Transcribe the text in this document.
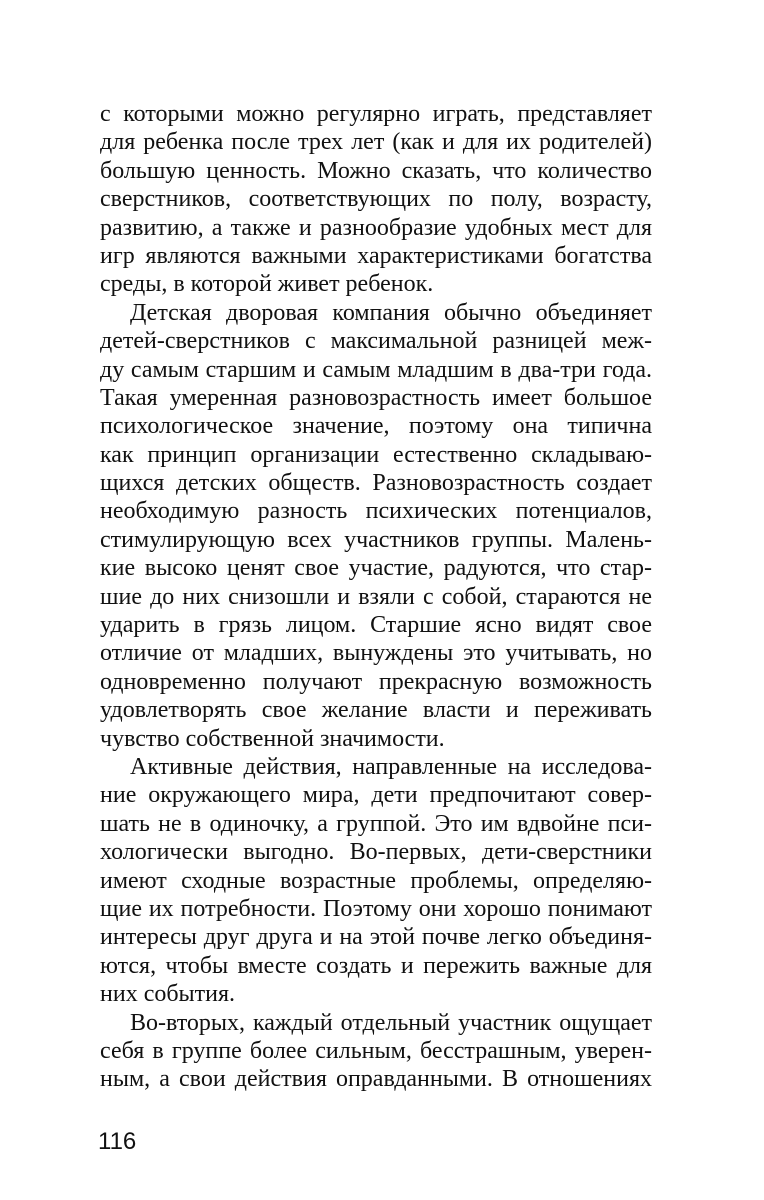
с которыми можно регулярно играть, представляет
для ребенка после трех лет (как и для их родителей)
большую ценность. Можно сказать, что количество
сверстников, соответствующих по полу, возрасту,
развитию, а также и разнообразие удобных мест для
игр являются важными характеристиками богатства
среды, в которой живет ребенок.
Детская дворовая компания обычно объединяет
детей-сверстников с максимальной разницей меж-
ду самым старшим и самым младшим в два-три года.
Такая умеренная разновозрастность имеет большое
психологическое значение, поэтому она типична
как принцип организации естественно складываю-
щихся детских обществ. Разновозрастность создает
необходимую разность психических потенциалов,
стимулирующую всех участников группы. Малень-
кие высоко ценят свое участие, радуются, что стар-
шие до них снизошли и взяли с собой, стараются не
ударить в грязь лицом. Старшие ясно видят свое
отличие от младших, вынуждены это учитывать, но
одновременно получают прекрасную возможность
удовлетворять свое желание власти и переживать
чувство собственной значимости.
Активные действия, направленные на исследова-
ние окружающего мира, дети предпочитают совер-
шать не в одиночку, а группой. Это им вдвойне пси-
хологически выгодно. Во-первых, дети-сверстники
имеют сходные возрастные проблемы, определяю-
щие их потребности. Поэтому они хорошо понимают
интересы друг друга и на этой почве легко объединя-
ются, чтобы вместе создать и пережить важные для
них события.
Во-вторых, каждый отдельный участник ощущает
себя в группе более сильным, бесстрашным, уверен-
ным, а свои действия оправданными. В отношениях
116
